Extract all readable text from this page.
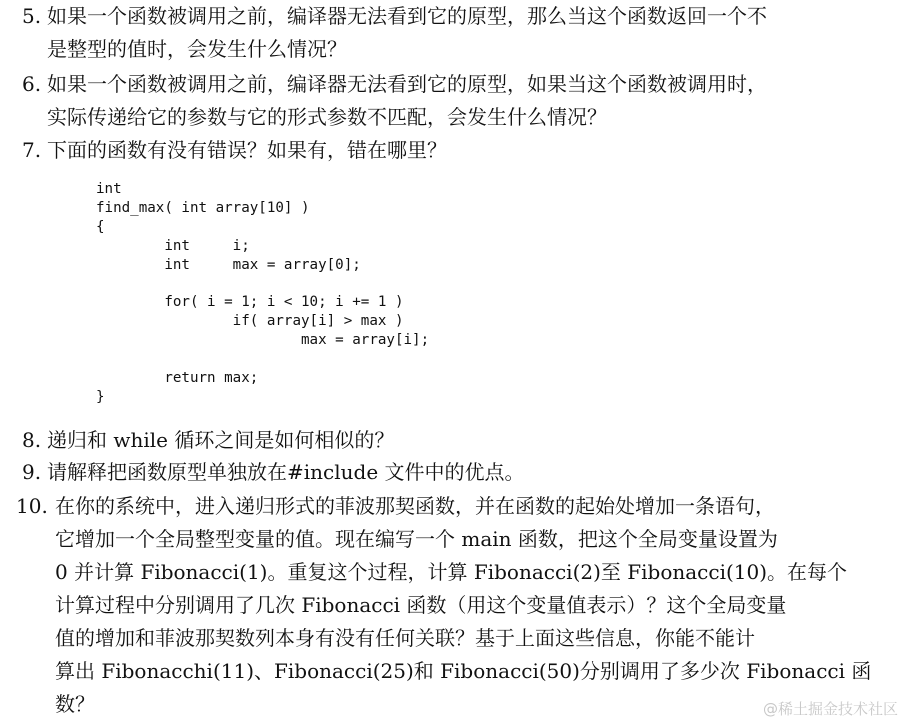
5. 如果一个函数被调用之前，编译器无法看到它的原型，那么当这个函数返回一个不
是整型的值时，会发生什么情况？
6. 如果一个函数被调用之前，编译器无法看到它的原型，如果当这个函数被调用时，
实际传递给它的参数与它的形式参数不匹配，会发生什么情况？
7. 下面的函数有没有错误？如果有，错在哪里？
int
find_max( int array[10] )
{
int     i;
int     max = array[0];
for( i = 1; i < 10; i += 1 )
if( array[i] > max )
max = array[i];
return max;
}
8. 递归和 while 循环之间是如何相似的？
9. 请解释把函数原型单独放在#include 文件中的优点。
10. 在你的系统中，进入递归形式的菲波那契函数，并在函数的起始处增加一条语句，
它增加一个全局整型变量的值。现在编写一个 main 函数，把这个全局变量设置为
0 并计算 Fibonacci(1)。重复这个过程，计算 Fibonacci(2)至 Fibonacci(10)。在每个
计算过程中分别调用了几次 Fibonacci 函数（用这个变量值表示）？这个全局变量
值的增加和菲波那契数列本身有没有任何关联？基于上面这些信息，你能不能计
算出 Fibonacchi(11)、Fibonacci(25)和 Fibonacci(50)分别调用了多少次 Fibonacci 函
数？	@稀土掘金技术社区
